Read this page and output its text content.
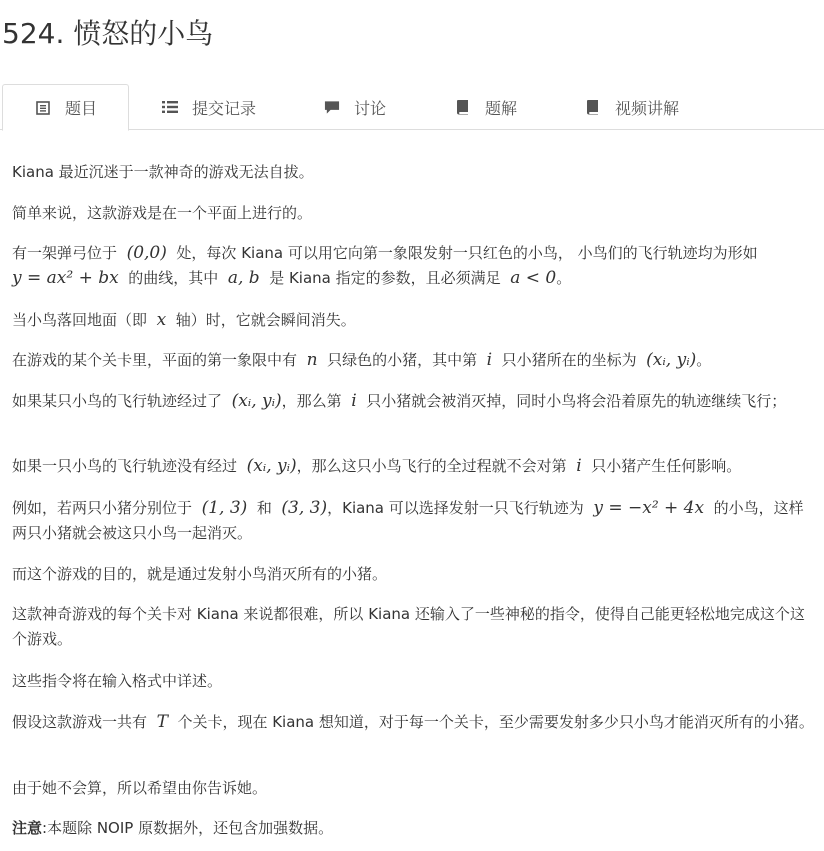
524. 愤怒的小鸟
题目	提交记录	讨论	题解	视频讲解

Kiana 最近沉迷于一款神奇的游戏无法自拔。

简单来说，这款游戏是在一个平面上进行的。

有一架弹弓位于 (0,0) 处，每次 Kiana 可以用它向第一象限发射一只红色的小鸟， 小鸟们的飞行轨迹均为形如
y = ax² + bx 的曲线，其中 a, b 是 Kiana 指定的参数，且必须满足 a < 0。

当小鸟落回地面（即 x 轴）时，它就会瞬间消失。

在游戏的某个关卡里，平面的第一象限中有 n 只绿色的小猪，其中第 i 只小猪所在的坐标为 (xᵢ, yᵢ)。

如果某只小鸟的飞行轨迹经过了 (xᵢ, yᵢ)，那么第 i 只小猪就会被消灭掉，同时小鸟将会沿着原先的轨迹继续飞行；

如果一只小鸟的飞行轨迹没有经过 (xᵢ, yᵢ)，那么这只小鸟飞行的全过程就不会对第 i 只小猪产生任何影响。

例如，若两只小猪分别位于 (1, 3) 和 (3, 3)，Kiana 可以选择发射一只飞行轨迹为 y = −x² + 4x 的小鸟，这样两只小猪就会被这只小鸟一起消灭。

而这个游戏的目的，就是通过发射小鸟消灭所有的小猪。

这款神奇游戏的每个关卡对 Kiana 来说都很难，所以 Kiana 还输入了一些神秘的指令，使得自己能更轻松地完成这个这个游戏。

这些指令将在输入格式中详述。

假设这款游戏一共有 T 个关卡，现在 Kiana 想知道，对于每一个关卡，至少需要发射多少只小鸟才能消灭所有的小猪。

由于她不会算，所以希望由你告诉她。

注意:本题除 NOIP 原数据外，还包含加强数据。
